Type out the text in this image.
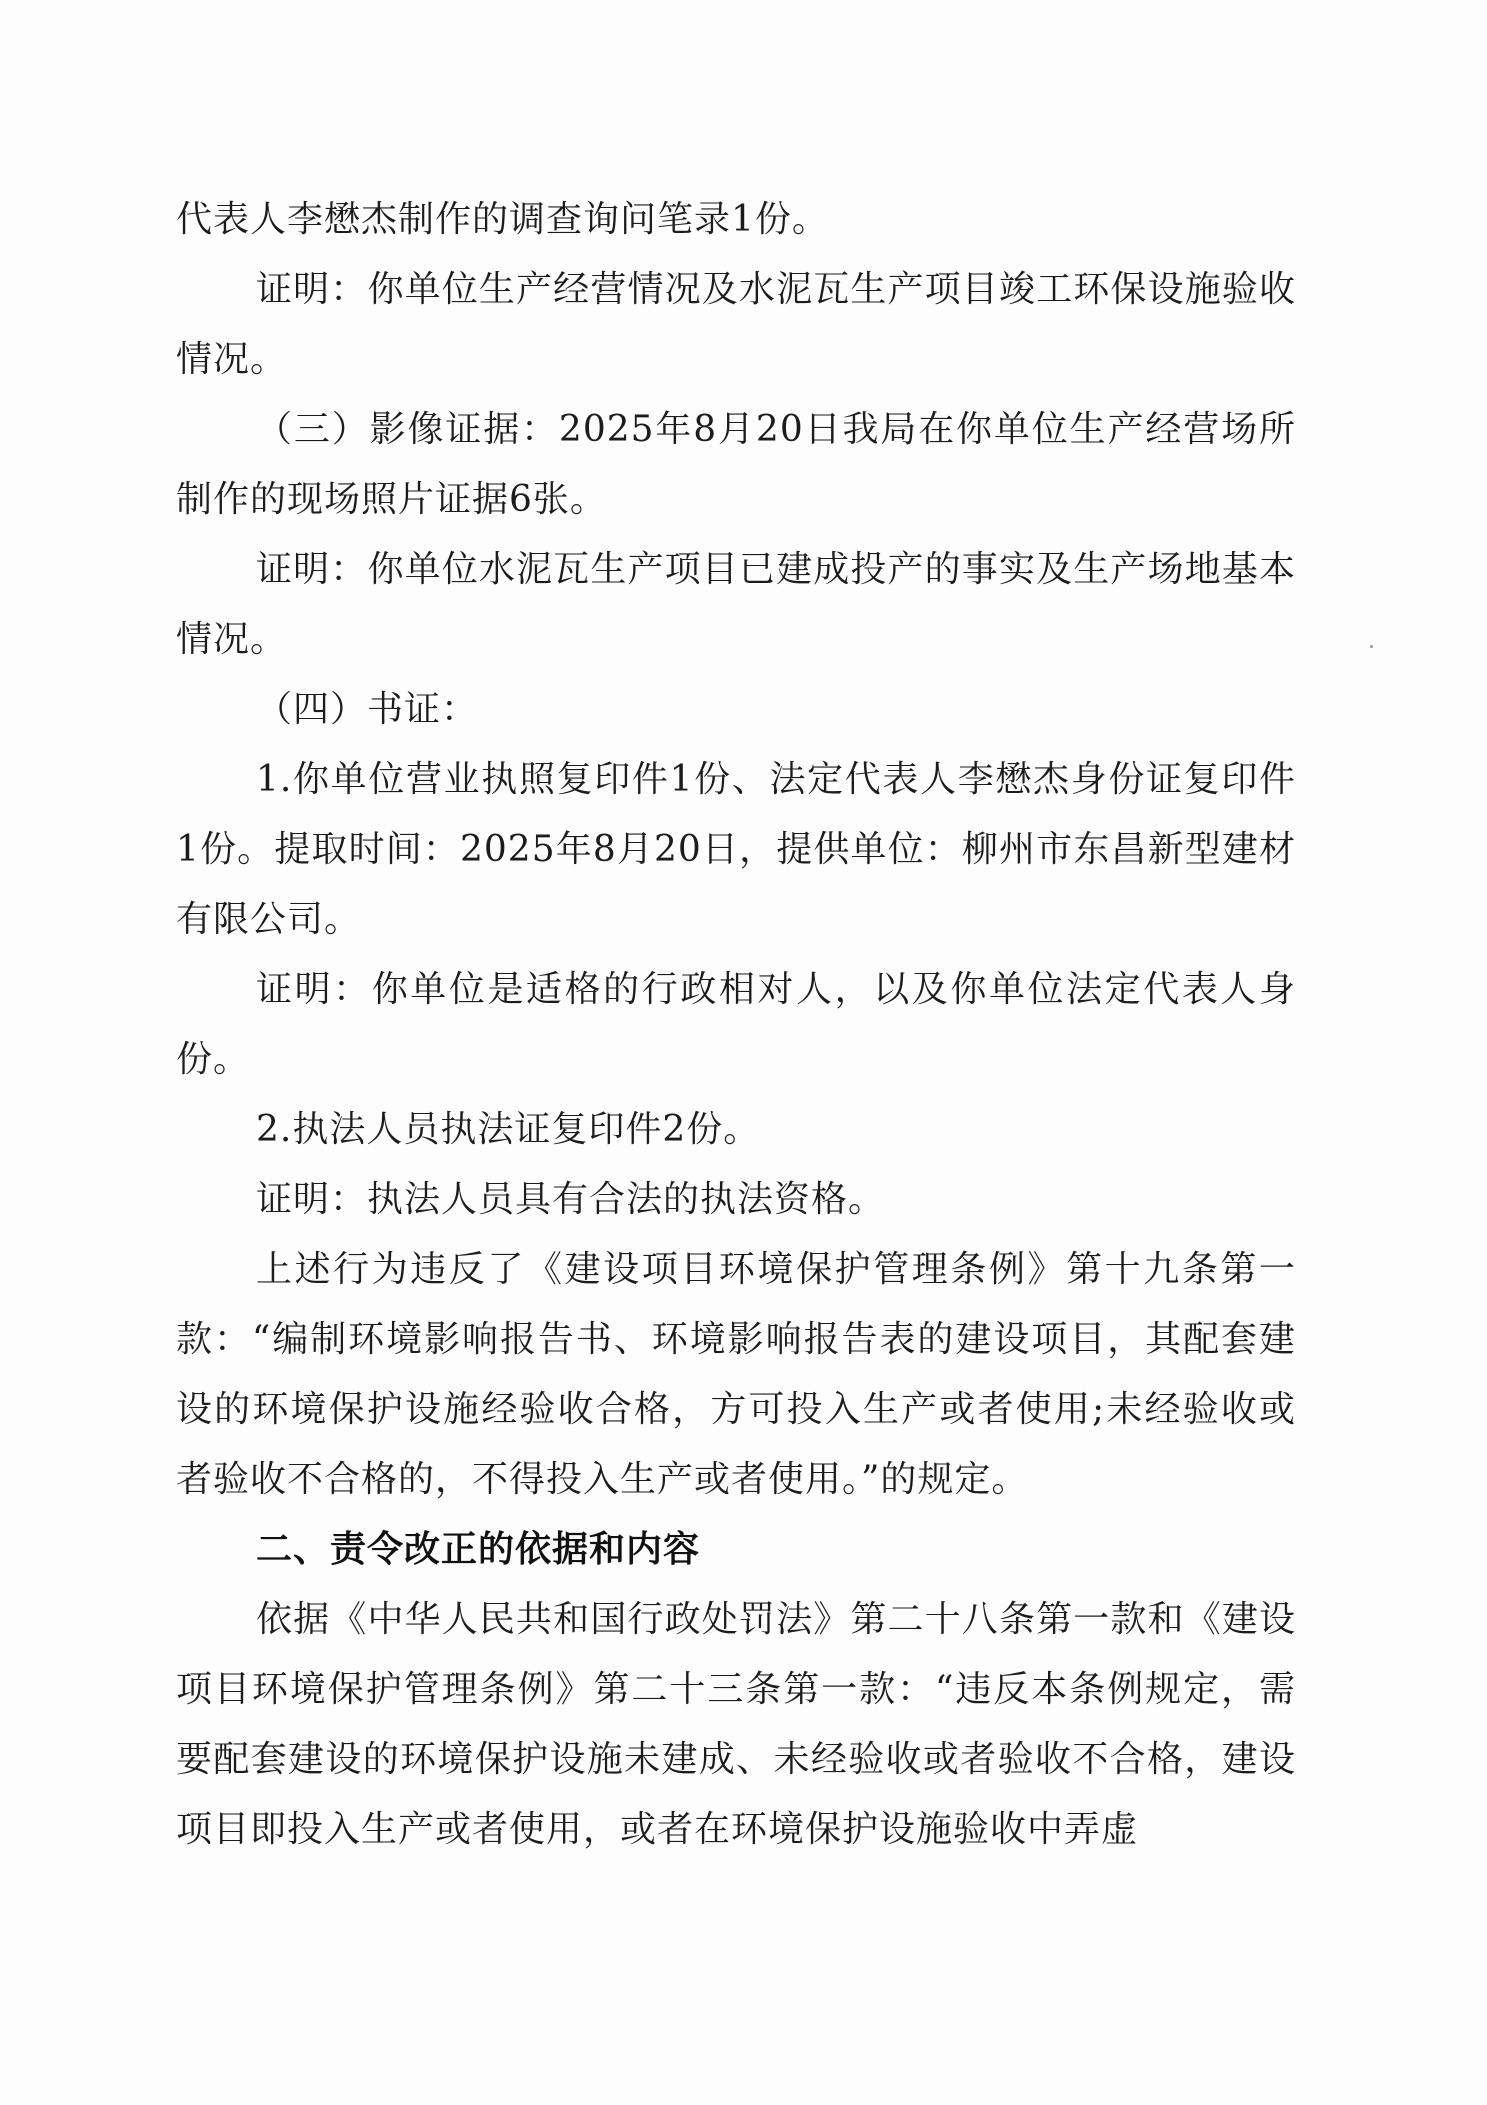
代表人李懋杰制作的调查询问笔录1份。

证明：你单位生产经营情况及水泥瓦生产项目竣工环保设施验收情况。

（三）影像证据：2025年8月20日我局在你单位生产经营场所制作的现场照片证据6张。

证明：你单位水泥瓦生产项目已建成投产的事实及生产场地基本情况。

（四）书证：

1.你单位营业执照复印件1份、法定代表人李懋杰身份证复印件1份。提取时间：2025年8月20日，提供单位：柳州市东昌新型建材有限公司。

证明：你单位是适格的行政相对人，以及你单位法定代表人身份。

2.执法人员执法证复印件2份。

证明：执法人员具有合法的执法资格。

上述行为违反了《建设项目环境保护管理条例》第十九条第一款：“编制环境影响报告书、环境影响报告表的建设项目，其配套建设的环境保护设施经验收合格，方可投入生产或者使用;未经验收或者验收不合格的，不得投入生产或者使用。”的规定。

二、责令改正的依据和内容

依据《中华人民共和国行政处罚法》第二十八条第一款和《建设项目环境保护管理条例》第二十三条第一款：“违反本条例规定，需要配套建设的环境保护设施未建成、未经验收或者验收不合格，建设项目即投入生产或者使用，或者在环境保护设施验收中弄虚
